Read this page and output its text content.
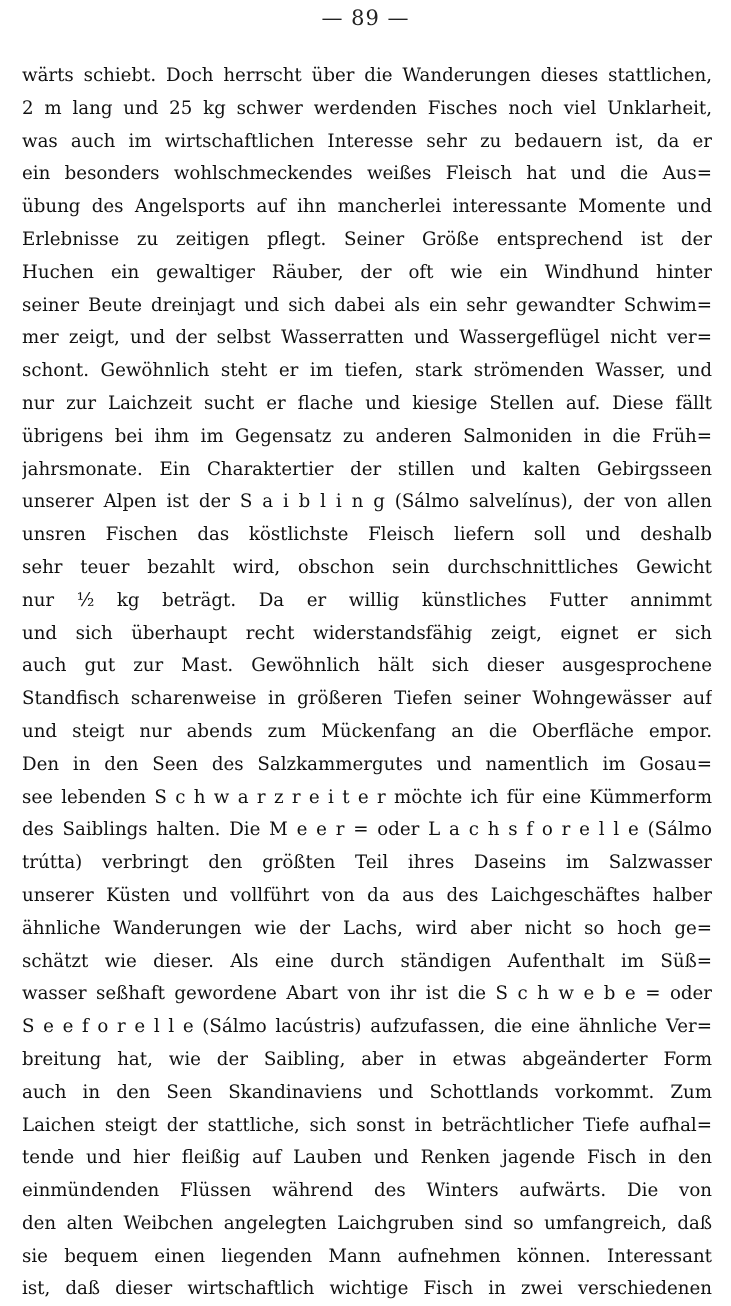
— 89 —
wärts schiebt. Doch herrscht über die Wanderungen dieses stattlichen,
2 m lang und 25 kg schwer werdenden Fisches noch viel Unklarheit,
was auch im wirtschaftlichen Interesse sehr zu bedauern ist, da er
ein besonders wohlschmeckendes weißes Fleisch hat und die Aus=
übung des Angelsports auf ihn mancherlei interessante Momente und
Erlebnisse zu zeitigen pflegt. Seiner Größe entsprechend ist der
Huchen ein gewaltiger Räuber, der oft wie ein Windhund hinter
seiner Beute dreinjagt und sich dabei als ein sehr gewandter Schwim=
mer zeigt, und der selbst Wasserratten und Wassergeflügel nicht ver=
schont. Gewöhnlich steht er im tiefen, stark strömenden Wasser, und
nur zur Laichzeit sucht er flache und kiesige Stellen auf. Diese fällt
übrigens bei ihm im Gegensatz zu anderen Salmoniden in die Früh=
jahrsmonate. Ein Charaktertier der stillen und kalten Gebirgsseen
unserer Alpen ist der S a i b l i n g (Sálmo salvelínus), der von allen
unsren Fischen das köstlichste Fleisch liefern soll und deshalb
sehr teuer bezahlt wird, obschon sein durchschnittliches Gewicht
nur ½ kg beträgt. Da er willig künstliches Futter annimmt
und sich überhaupt recht widerstandsfähig zeigt, eignet er sich
auch gut zur Mast. Gewöhnlich hält sich dieser ausgesprochene
Standfisch scharenweise in größeren Tiefen seiner Wohngewässer auf
und steigt nur abends zum Mückenfang an die Oberfläche empor.
Den in den Seen des Salzkammergutes und namentlich im Gosau=
see lebenden S c h w a r z r e i t e r möchte ich für eine Kümmerform
des Saiblings halten. Die M e e r = oder L a c h s f o r e l l e (Sálmo
trútta) verbringt den größten Teil ihres Daseins im Salzwasser
unserer Küsten und vollführt von da aus des Laichgeschäftes halber
ähnliche Wanderungen wie der Lachs, wird aber nicht so hoch ge=
schätzt wie dieser. Als eine durch ständigen Aufenthalt im Süß=
wasser seßhaft gewordene Abart von ihr ist die S c h w e b e = oder
S e e f o r e l l e (Sálmo lacústris) aufzufassen, die eine ähnliche Ver=
breitung hat, wie der Saibling, aber in etwas abgeänderter Form
auch in den Seen Skandinaviens und Schottlands vorkommt. Zum
Laichen steigt der stattliche, sich sonst in beträchtlicher Tiefe aufhal=
tende und hier fleißig auf Lauben und Renken jagende Fisch in den
einmündenden Flüssen während des Winters aufwärts. Die von
den alten Weibchen angelegten Laichgruben sind so umfangreich, daß
sie bequem einen liegenden Mann aufnehmen können. Interessant
ist, daß dieser wirtschaftlich wichtige Fisch in zwei verschiedenen
